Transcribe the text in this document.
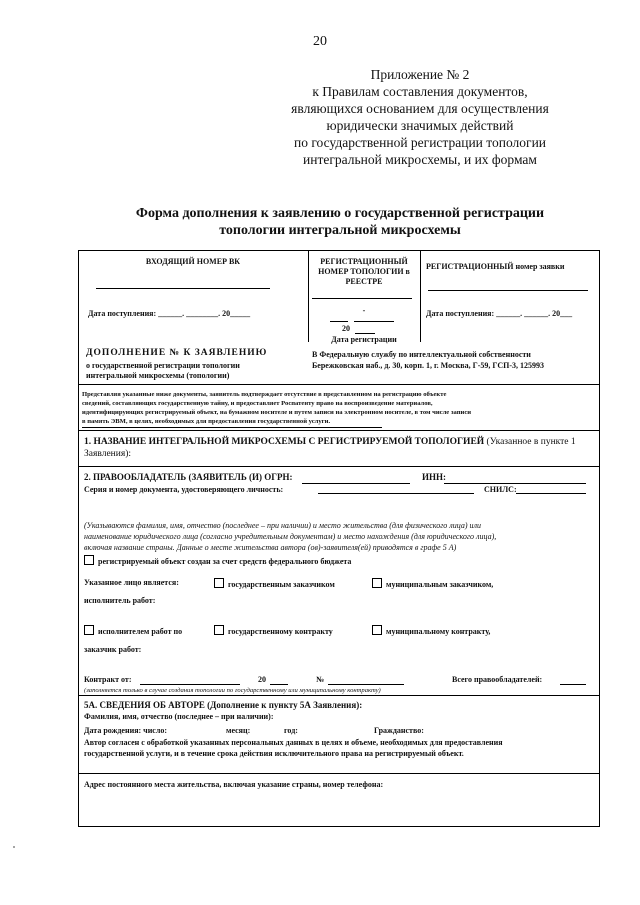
20
Приложение № 2
к Правилам составления документов,
являющихся основанием для осуществления
юридически значимых действий
по государственной регистрации топологии
интегральной микросхемы, и их формам
Форма дополнения к заявлению о государственной регистрации
топологии интегральной микросхемы
ВХОДЯЩИЙ НОМЕР ВК
Дата поступления: ______. ________. 20_____
РЕГИСТРАЦИОННЫЙ НОМЕР ТОПОЛОГИИ в РЕЕСТРЕ
-
20
Дата регистрации
РЕГИСТРАЦИОННЫЙ номер заявки
Дата поступления: ______. ______. 20___
ДОПОЛНЕНИЕ № К ЗАЯВЛЕНИЮ
о государственной регистрации топологии
интегральной микросхемы (топологии)
В Федеральную службу по интеллектуальной собственности
Бережковская наб., д. 30, корп. 1, г. Москва, Г-59, ГСП-3, 125993
Представляя указанные ниже документы, заявитель подтверждает отсутствие в представленном на регистрацию объекте
сведений, составляющих государственную тайну, и предоставляет Роспатенту право на воспроизведение материалов,
идентифицирующих регистрируемый объект, на бумажном носителе и путем записи на электронном носителе, в том числе записи
в память ЭВМ, в целях, необходимых для предоставления государственной услуги.
1. НАЗВАНИЕ ИНТЕГРАЛЬНОЙ МИКРОСХЕМЫ С РЕГИСТРИРУЕМОЙ ТОПОЛОГИЕЙ (Указанное в пункте 1
Заявления):
2. ПРАВООБЛАДАТЕЛЬ (ЗАЯВИТЕЛЬ (И) ОГРН:	ИНН:
Серия и номер документа, удостоверяющего личность:	СНИЛС:
(Указываются фамилия, имя, отчество (последнее – при наличии) и место жительства (для физического лица) или
наименование юридического лица (согласно учредительным документам) и место нахождения (для юридического лица),
включая название страны. Данные о месте жительства автора (ов)-заявителя(ей) приводятся в графе 5 А)
регистрируемый объект создан за счет средств федерального бюджета
Указанное лицо является:	государственным заказчиком	муниципальным заказчиком,
исполнитель работ:
исполнителем работ по	государственному контракту	муниципальному контракту,
заказчик работ:
Контракт от:	20	№	Всего правообладателей:
(заполняется только в случае создания топологии по государственному или муниципальному контракту)
5А. СВЕДЕНИЯ ОБ АВТОРЕ (Дополнение к пункту 5А Заявления):
Фамилия, имя, отчество (последнее – при наличии):
Дата рождения: число:	месяц:	год:	Гражданство:
Автор согласен с обработкой указанных персональных данных в целях и объеме, необходимых для предоставления
государственной услуги, и в течение срока действия исключительного права на регистрируемый объект.
Адрес постоянного места жительства, включая указание страны, номер телефона:
